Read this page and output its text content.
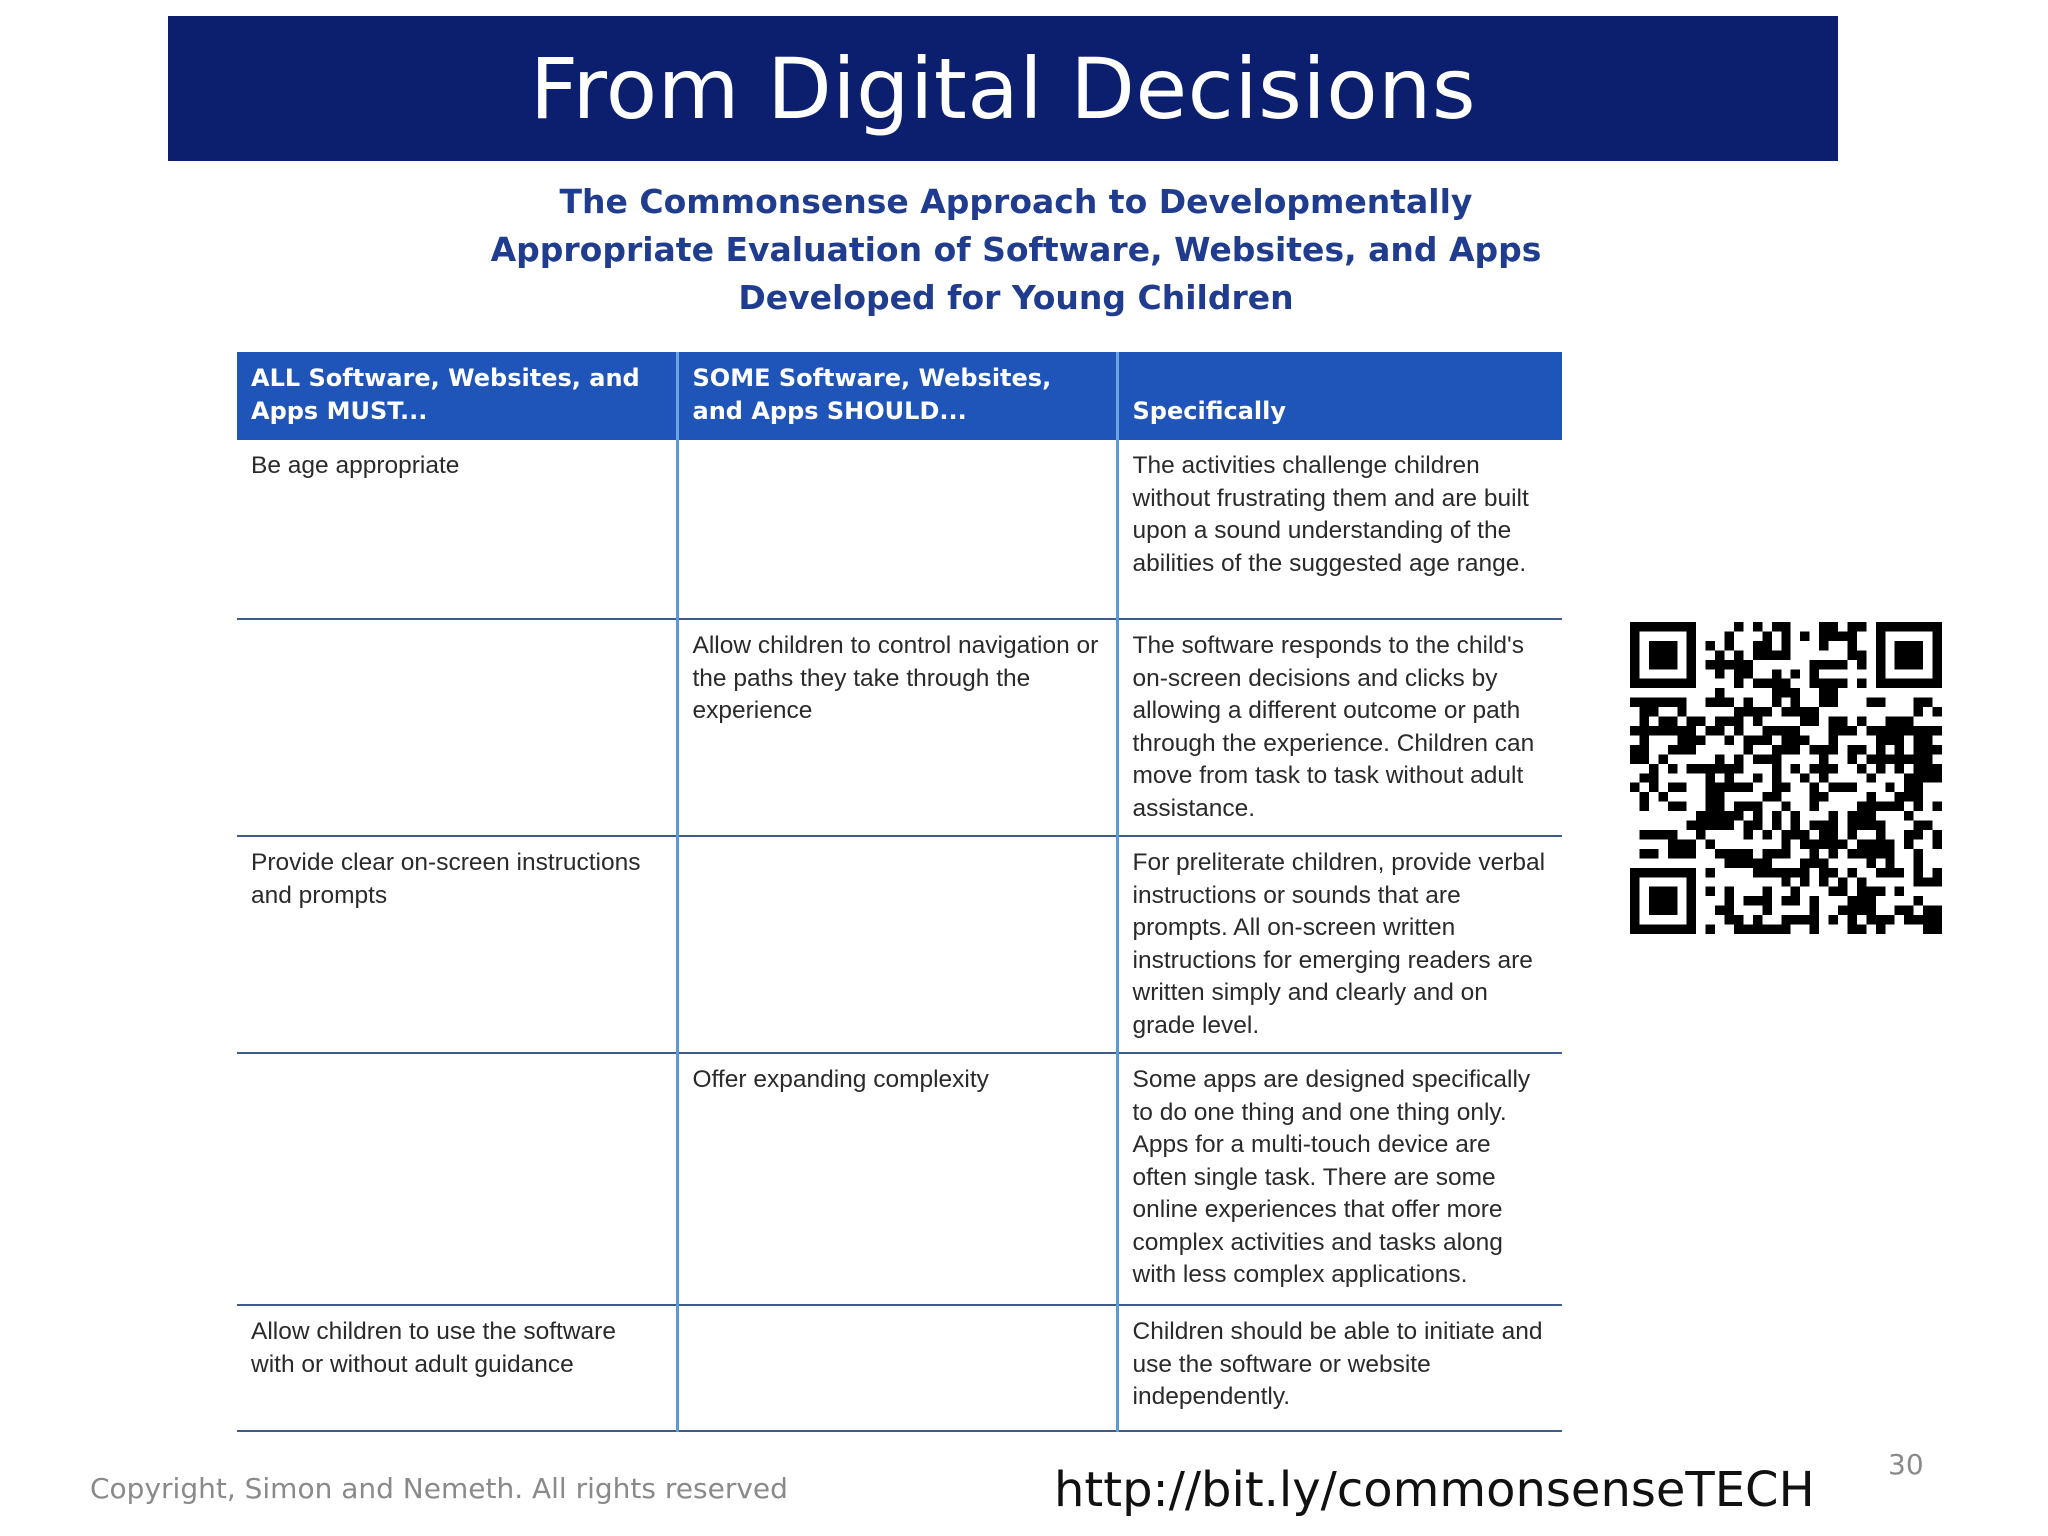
From Digital Decisions
The Commonsense Approach to Developmentally
Appropriate Evaluation of Software, Websites, and Apps
Developed for Young Children
ALL Software, Websites, and Apps MUST...	SOME Software, Websites, and Apps SHOULD...	Specifically
Be age appropriate		The activities challenge children without frustrating them and are built upon a sound understanding of the abilities of the suggested age range.
	Allow children to control navigation or the paths they take through the experience	The software responds to the child's on-screen decisions and clicks by allowing a different outcome or path through the experience. Children can move from task to task without adult assistance.
Provide clear on-screen instructions and prompts		For preliterate children, provide verbal instructions or sounds that are prompts. All on-screen written instructions for emerging readers are written simply and clearly and on grade level.
	Offer expanding complexity	Some apps are designed specifically to do one thing and one thing only. Apps for a multi-touch device are often single task. There are some online experiences that offer more complex activities and tasks along with less complex applications.
Allow children to use the software with or without adult guidance		Children should be able to initiate and use the software or website independently.
Copyright, Simon and Nemeth. All rights reserved	http://bit.ly/commonsenseTECH	30
